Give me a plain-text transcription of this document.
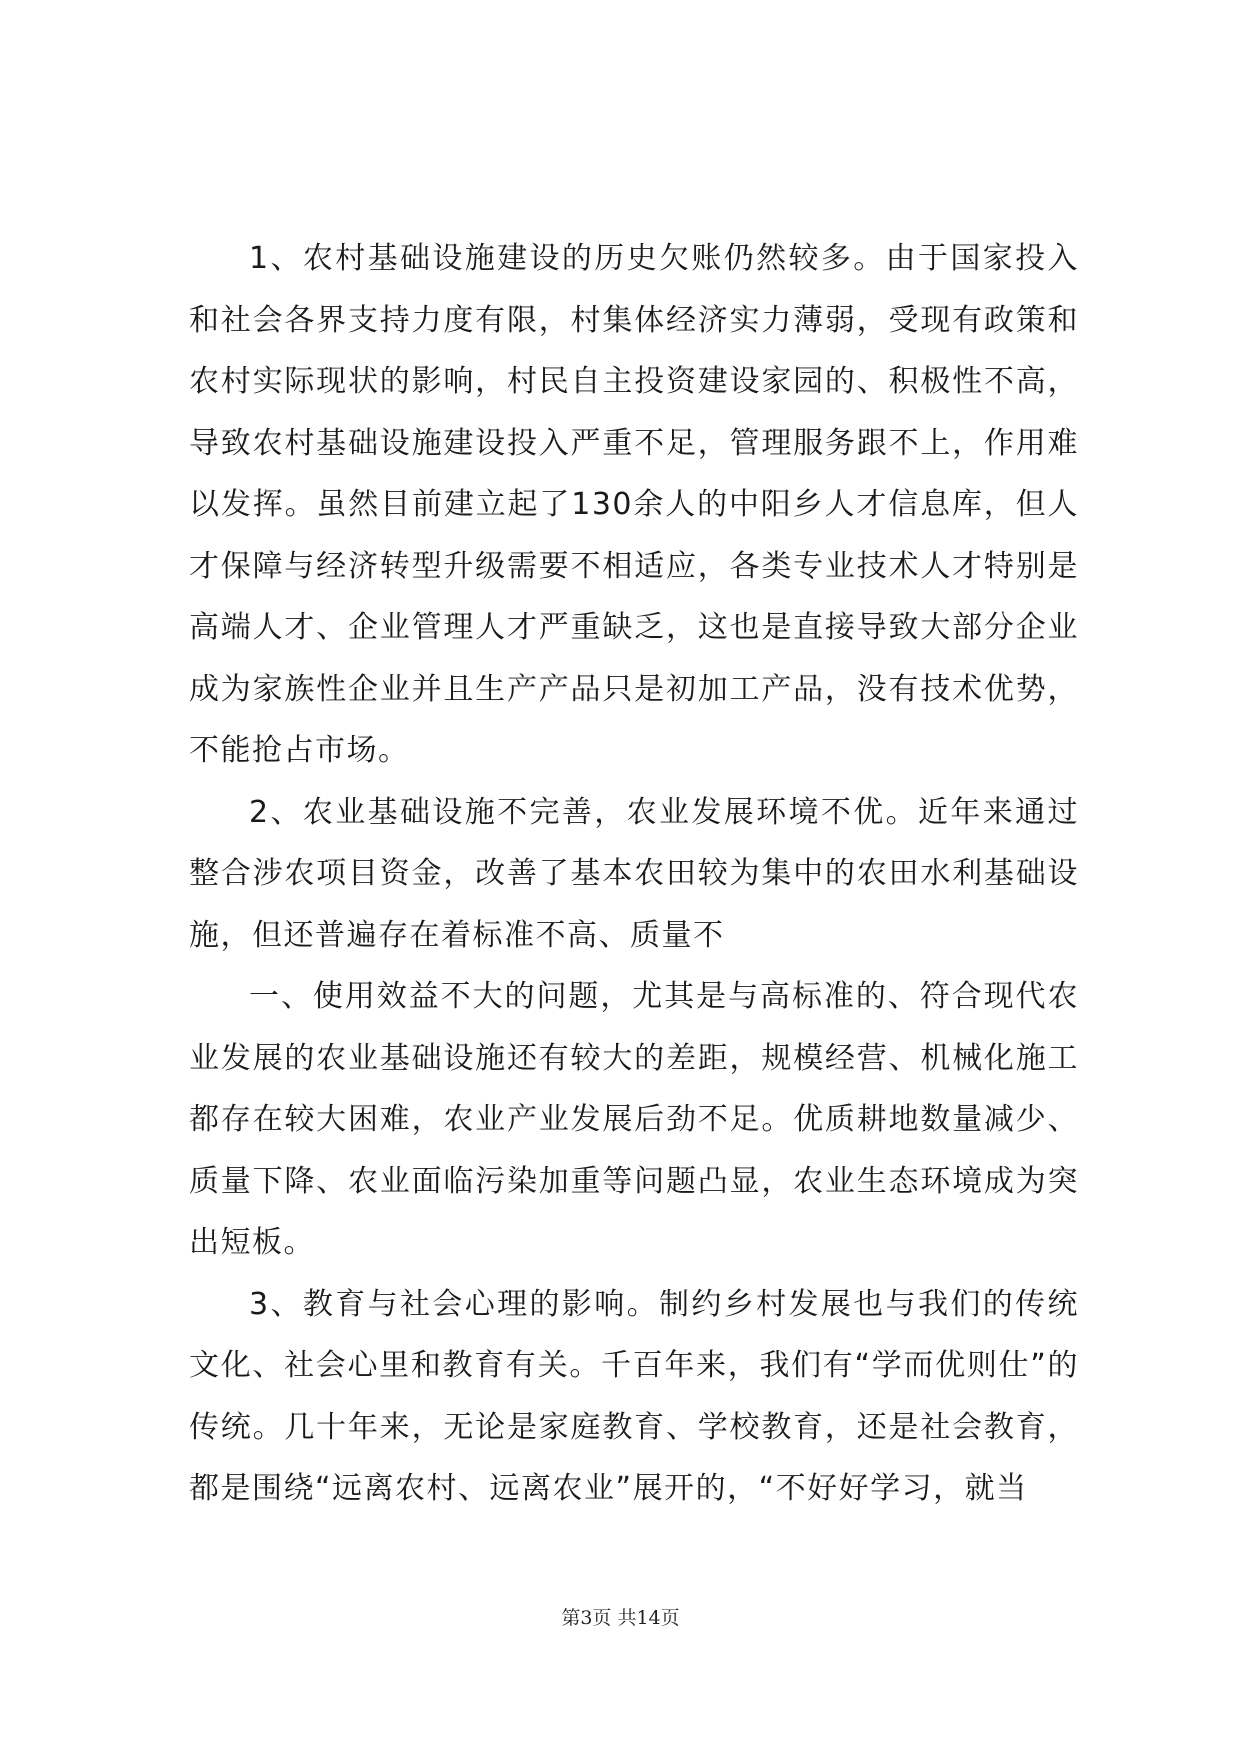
1、农村基础设施建设的历史欠账仍然较多。由于国家投入和社会各界支持力度有限，村集体经济实力薄弱，受现有政策和农村实际现状的影响，村民自主投资建设家园的、积极性不高，导致农村基础设施建设投入严重不足，管理服务跟不上，作用难以发挥。虽然目前建立起了130余人的中阳乡人才信息库，但人才保障与经济转型升级需要不相适应，各类专业技术人才特别是高端人才、企业管理人才严重缺乏，这也是直接导致大部分企业成为家族性企业并且生产产品只是初加工产品，没有技术优势，不能抢占市场。

2、农业基础设施不完善，农业发展环境不优。近年来通过整合涉农项目资金，改善了基本农田较为集中的农田水利基础设施，但还普遍存在着标准不高、质量不

一、使用效益不大的问题，尤其是与高标准的、符合现代农业发展的农业基础设施还有较大的差距，规模经营、机械化施工都存在较大困难，农业产业发展后劲不足。优质耕地数量减少、质量下降、农业面临污染加重等问题凸显，农业生态环境成为突出短板。

3、教育与社会心理的影响。制约乡村发展也与我们的传统文化、社会心里和教育有关。千百年来，我们有“学而优则仕”的传统。几十年来，无论是家庭教育、学校教育，还是社会教育，都是围绕“远离农村、远离农业”展开的，“不好好学习，就当

第3页 共14页
